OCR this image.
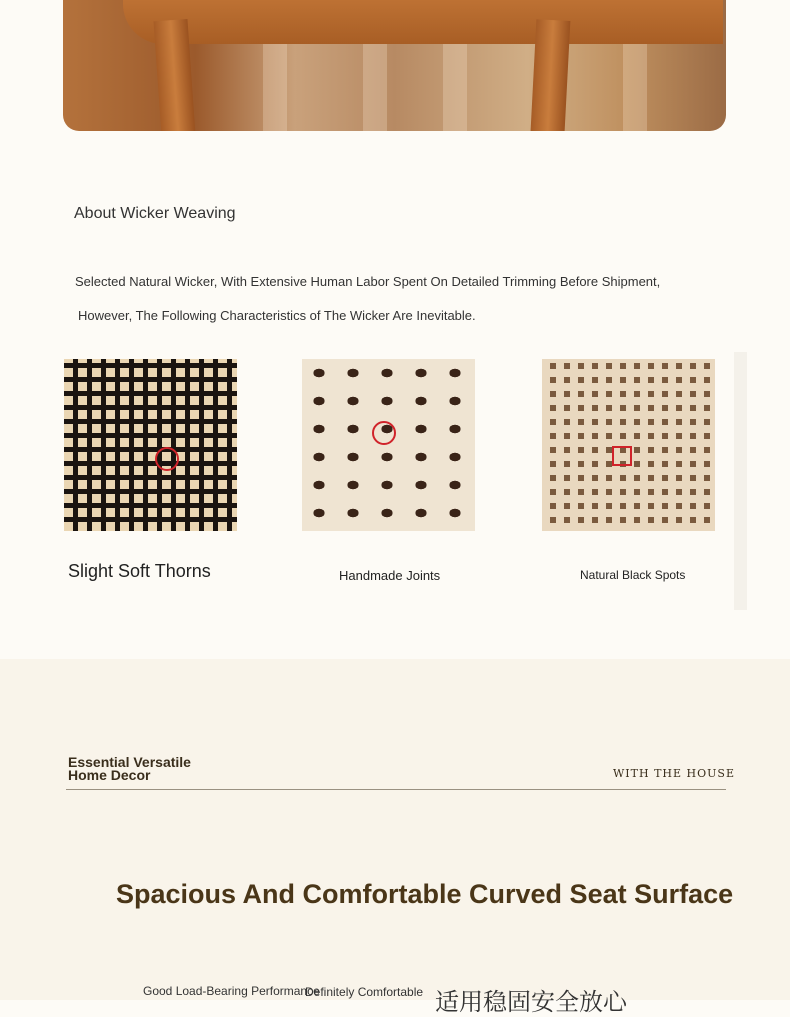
About Wicker Weaving
Selected Natural Wicker, With Extensive Human Labor Spent On Detailed Trimming Before Shipment,
However, The Following Characteristics of The Wicker Are Inevitable.
Slight Soft Thorns	Handmade Joints	Natural Black Spots
Essential Versatile
Home Decor	WITH THE HOUSE
Spacious And Comfortable Curved Seat Surface
Good Load-Bearing Performance
Definitely Comfortable 适用稳固安全放心
